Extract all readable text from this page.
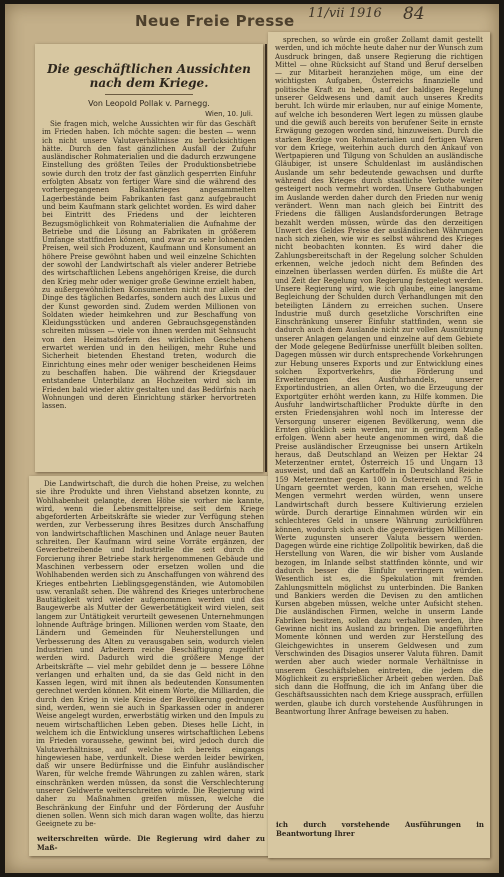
Neue Freie Presse 11/vii 1916 84
Die geschäftlichen Aussichten nach dem Kriege.
Von Leopold Pollak v. Parnegg.
Wien, 10. Juli.

Sie fragen mich, welche Aussichten wir für das Geschäft im Frieden haben. Ich möchte sagen: die besten — wenn ich nicht unsere Valutaverhältnisse zu berücksichtigen hätte. Durch den fast gänzlichen Ausfall der Zufuhr ausländischer Rohmaterialien und die dadurch erzwungene Einstellung des größten Teiles der Produktionsbetriebe sowie durch den trotz der fast gänzlich gesperrten Einfuhr erfolgten Absatz von fertiger Ware sind die während des vorhergegangenen Balkankrieges angesammelten Lagerbestände beim Fabrikanten fast ganz aufgebraucht und beim Kaufmann stark gelichtet worden. Es wird daher bei Eintritt des Friedens und der leichteren Bezugsmöglichkeit von Rohmaterialien die Aufnahme der Betriebe und die Lösung an Fabrikaten in größerem Umfange stattfinden können, und zwar zu sehr lohnenden Preisen, weil sich Produzent, Kaufmann und Konsument an höhere Preise gewöhnt haben und weil einzelne Schichten der sowohl der Landwirtschaft als vieler anderer Betriebe des wirtschaftlichen Lebens angehörigen Kreise, die durch den Krieg mehr oder weniger große Gewinne erzielt haben, zu außergewöhnlichen Konsumenten nicht nur allein der Dinge des täglichen Bedarfes, sondern auch des Luxus und der Kunst geworden sind. Zudem werden Millionen von Soldaten wieder heimkehren und zur Beschaffung von Kleidungsstücken und anderen Gebrauchsgegenständen schreiten müssen — viele von ihnen werden mit Sehnsucht von den Heimatsdörfern des wirklichen Geschehens erwartet werden und in den heiligen, mehr Ruhe und Sicherheit bietenden Ehestand treten, wodurch die Einrichtung eines mehr oder weniger bescheidenen Heims zu beschaffen haben. Die während der Kriegsdauer entstandene Unterbilanz an Hochzeiten wird sich im Frieden bald wieder aktiv gestalten und das Bedürfnis nach Wohnungen und deren Einrichtung stärker hervortreten lassen.

Die Landwirtschaft, die durch die hohen Preise, zu welchen sie ihre Produkte und ihren Viehstand absetzen konnte, zu Wohlhabenheit gelangte, deren Höhe sie vorher nie kannte, wird, wenn die Lebensmittelpreise, seit dem Kriege abgeforderten Arbeitskräfte sie wieder zur Verfügung stehen werden, zur Verbesserung ihres Besitzes durch Anschaffung von landwirtschaftlichen Maschinen und Anlage neuer Bauten schreiten. Der Kaufmann wird seine Vorräte ergänzen, der Gewerbetreibende und Industrielle die seit durch die Forcierung ihrer Betriebe stark hergenommenen Gebäude und Maschinen verbessern oder ersetzen wollen und die Wohlhabenden werden sich zu Anschaffungen von während des Krieges entbehrten Lieblingsgegenständen, wie Automobilen usw. veranlaßt sehen. Die während des Krieges unterbrochene Bautätigkeit wird wieder aufgenommen werden und das Baugewerbe als Mutter der Gewerbetätigkeit wird vielen, seit langem zur Untätigkeit verurteilt gewesenen Unternehmungen lohnende Aufträge bringen. Millionen werden vom Staate, den Ländern und Gemeinden für Neuherstellungen und Verbesserung des Alten zu verausgaben sein, wodurch vielen Industrien und Arbeitern reiche Beschäftigung zugeführt werden wird. Dadurch wird die größere Menge der Arbeitskräfte — viel mehr gebildet denn je — bessere Löhne verlangen und erhalten und, da sie das Geld nicht in den Kassen legen, wird mit ihnen als bedeutenden Konsumenten gerechnet werden können. Mit einem Worte, die Milliarden, die durch den Krieg in viele Kreise der Bevölkerung gedrungen sind, werden, wenn sie auch in Sparkassen oder in anderer Weise angelegt wurden, erwerbstätig wirken und den Impuls zu neuem wirtschaftlichen Leben geben. Dieses helle Licht, in welchem ich die Entwicklung unseres wirtschaftlichen Lebens im Frieden voraussehe, gewinnt bei, wird jedoch durch die Valutaverhältnisse, auf welche ich bereits eingangs hingewiesen habe, verdunkelt. Diese werden leider bewirken, daß wir unsere Bedürfnisse und die Einfuhr ausländischer Waren, für welche fremde Währungen zu zahlen wären, stark einschränken werden müssen, da sonst die Verschlechterung unserer Geldwerte weiterschreiten würde. Die Regierung wird daher zu Maßnahmen greifen müssen, welche die Beschränkung der Einfuhr und der Förderung der Ausfuhr dienen sollen. Wenn sich mich daran wagen wollte, das hierzu Geeignete zu be-

weiterschreiten würde. Die Regierung wird daher zu Maß-

sprechen, so würde ein großer Zollamt damit gestellt werden, und ich möchte heute daher nur der Wunsch zum Ausdruck bringen, daß unsere Regierung die richtigen Mittel — ohne Rücksicht auf Stand und Beruf derselben — zur Mitarbeit heranziehen möge, um eine der wichtigsten Aufgaben, Österreichs finanzielle und politische Kraft zu heben, auf der baldigen Regelung unserer Geldwesens und damit auch unseres Kredits beruht. Ich würde mir erlauben, nur auf einige Momente, auf welche ich besonderen Wert legen zu müssen glaube und die gewiß auch bereits von berufener Seite in ernste Erwägung gezogen worden sind, hinzuweisen. Durch die starken Bezüge von Rohmaterialien und fertigen Waren vor dem Kriege, weiterhin auch durch den Ankauf von Wertpapieren und Tilgung von Schulden an ausländische Gläubiger, ist unsere Schuldenlast im ausländischen Auslande um sehr bedeutende gewachsen und durfte während des Krieges durch staatliche Verbote weiter gesteigert noch vermehrt worden. Unsere Guthabungen im Auslande werden daher durch den Frieden nur wenig verändert. Wenn man nach gleich bei Eintritt des Friedens die fälligen Auslandsforderungen Betrage bezahlt werden müssen, würde das den derzeitigen Unwert des Geldes Preise der ausländischen Währungen nach sich ziehen, wie wir es selbst während des Krieges nicht beobachten konnten. Es wird daher die Zahlungsbereitschaft in der Regelung solcher Schulden erkennen, welche jedoch nicht dem Befinden des einzelnen überlassen werden dürfen. Es müßte die Art und Zeit der Regelung von Regierung festgelegt werden. Unsere Regierung wird, wie ich glaube, eine langsame Begleichung der Schulden durch Verhandlungen mit den beteiligten Ländern zu erreichen suchen. Unsere Industrie muß durch gesetzliche Vorschriften eine Einschränkung unserer Einfuhr stattfinden, wenn sie dadurch auch dem Auslande nicht zur vollen Ausnützung unserer Anlagen gelangen und einzelne auf dem Gebiete der Mode gelegene Bedürfnisse unerfüllt bleiben sollten. Dagegen müssen wir durch entsprechende Vorkehrungen zur Hebung unseres Exports und zur Entwicklung eines solchen Exportverkehrs, die Förderung und Erweiterungen des Ausfuhrhandels, unserer Exportindustrien, an allen Orten, wo die Erzeugung der Exportgüter erhöht werden kann, zu Hilfe kommen. Die Ausfuhr landwirtschaftlicher Produkte dürfte in den ersten Friedensjahren wohl noch im Interesse der Versorgung unserer eigenen Bevölkerung, wenn die Ernten glücklich sein werden, nur in geringem Maße erfolgen. Wenn aber heute angenommen wird, daß die Preise ausländischer Erzeugnisse bei unsern Artikeln heraus, daß Deutschland an Weizen per Hektar 24 Meterzentner erntet, Österreich 15 und Ungarn 13 ausweist, und daß an Kartoffeln in Deutschland Reiche 159 Meterzentner gegen 100 in Österreich und 75 in Ungarn geerntet werden, kann man ersehen, welche Mengen vermehrt werden würden, wenn unsere Landwirtschaft durch bessere Kultivierung erzielen würde. Durch derartige Einnahmen würden wir ein schlechteres Geld in unsere Währung zurückführen können, wodurch sich auch die gegenwärtigen Millionen-Werte zugunsten unserer Valuta bessern werden. Dagegen würde eine richtige Zollpolitik bewirken, daß die Herstellung von Waren, die wir bisher vom Auslande bezogen, im Inlande selbst stattfinden könnte, und wir dadurch besser die Einfuhr verringern würden. Wesentlich ist es, die Spekulation mit fremden Zahlungsmitteln möglichst zu unterbinden. Die Banken und Bankiers werden die Devisen zu den amtlichen Kursen abgeben müssen, welche unter Aufsicht stehen. Die ausländischen Firmen, welche in unserm Lande Fabriken besitzen, sollen dazu verhalten werden, ihre Gewinne nicht ins Ausland zu bringen. Die angeführten Momente können und werden zur Herstellung des Gleichgewichtes in unserem Geldwesen und zum Verschwinden des Disagios unserer Valuta führen. Damit werden aber auch wieder normale Verhältnisse in unserem Geschäftsleben eintreten, die jedem die Möglichkeit zu ersprießlicher Arbeit geben werden. Daß sich dann die Hoffnung, die ich im Anfang über die Geschäftsaussichten nach dem Kriege aussprach, erfüllen werden, glaube ich durch vorstehende Ausführungen in Beantwortung Ihrer Anfrage beweisen zu haben.

ich durch vorstehende Ausführungen in Beantwortung Ihrer
